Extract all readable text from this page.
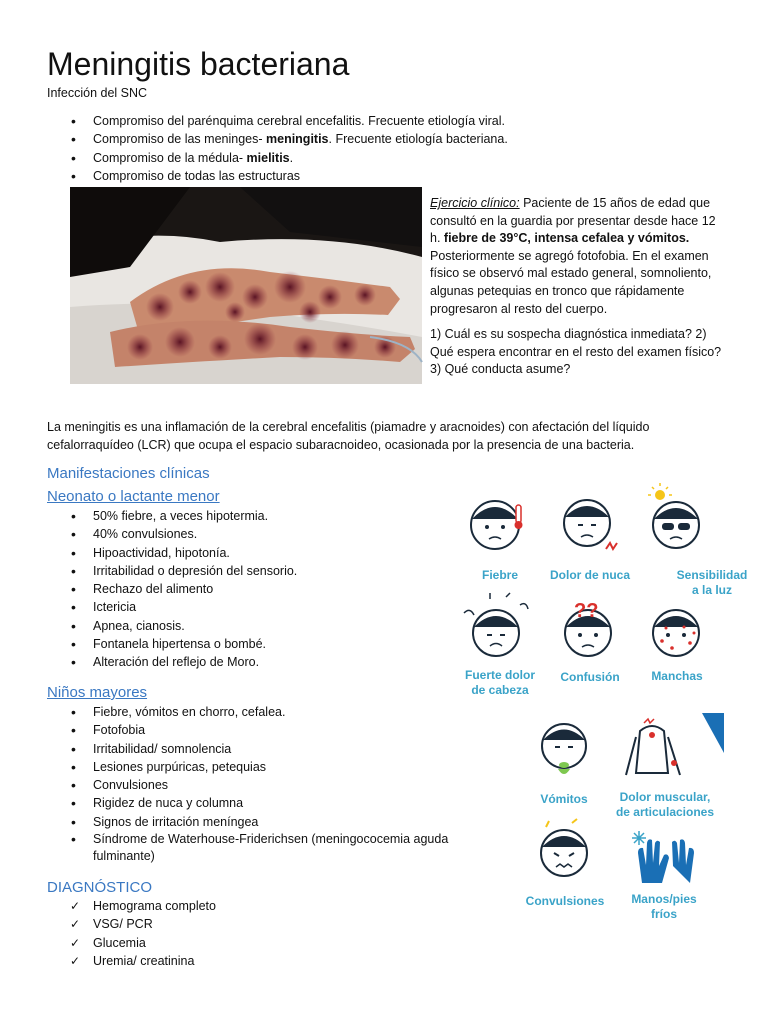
Meningitis bacteriana
Infección del SNC
• Compromiso del parénquima cerebral encefalitis. Frecuente etiología viral.
• Compromiso de las meninges- meningitis. Frecuente etiología bacteriana.
• Compromiso de la médula- mielitis.
• Compromiso de todas las estructuras

Ejercicio clínico: Paciente de 15 años de edad que consultó en la guardia por presentar desde hace 12 h. fiebre de 39°C, intensa cefalea y vómitos. Posteriormente se agregó fotofobia. En el examen físico se observó mal estado general, somnoliento, algunas petequias en tronco que rápidamente progresaron al resto del cuerpo.

1) Cuál es su sospecha diagnóstica inmediata? 2) Qué espera encontrar en el resto del examen físico? 3) Qué conducta asume?

La meningitis es una inflamación de la cerebral encefalitis (piamadre y aracnoides) con afectación del líquido cefalorraquídeo (LCR) que ocupa el espacio subaracnoideo, ocasionada por la presencia de una bacteria.
Manifestaciones clínicas
Neonato o lactante menor
• 50% fiebre, a veces hipotermia.
• 40% convulsiones.
• Hipoactividad, hipotonía.
• Irritabilidad o depresión del sensorio.
• Rechazo del alimento
• Ictericia
• Apnea, cianosis.
• Fontanela hipertensa o bombé.
• Alteración del reflejo de Moro.
Niños mayores
• Fiebre, vómitos en chorro, cefalea.
• Fotofobia
• Irritabilidad/ somnolencia
• Lesiones purpúricas, petequias
• Convulsiones
• Rigidez de nuca y columna
• Signos de irritación meníngea
• Síndrome de Waterhouse-Friderichsen (meningococemia aguda fulminante)
DIAGNÓSTICO
✓ Hemograma completo
✓ VSG/ PCR
✓ Glucemia
✓ Uremia/ creatinina
Fiebre	Dolor de nuca	Sensibilidad
a la luz
Fuerte dolor
de cabeza
??
Confusión	Manchas
Vómitos	Dolor muscular,
de articulaciones
Convulsiones Manos/pies
fríos
